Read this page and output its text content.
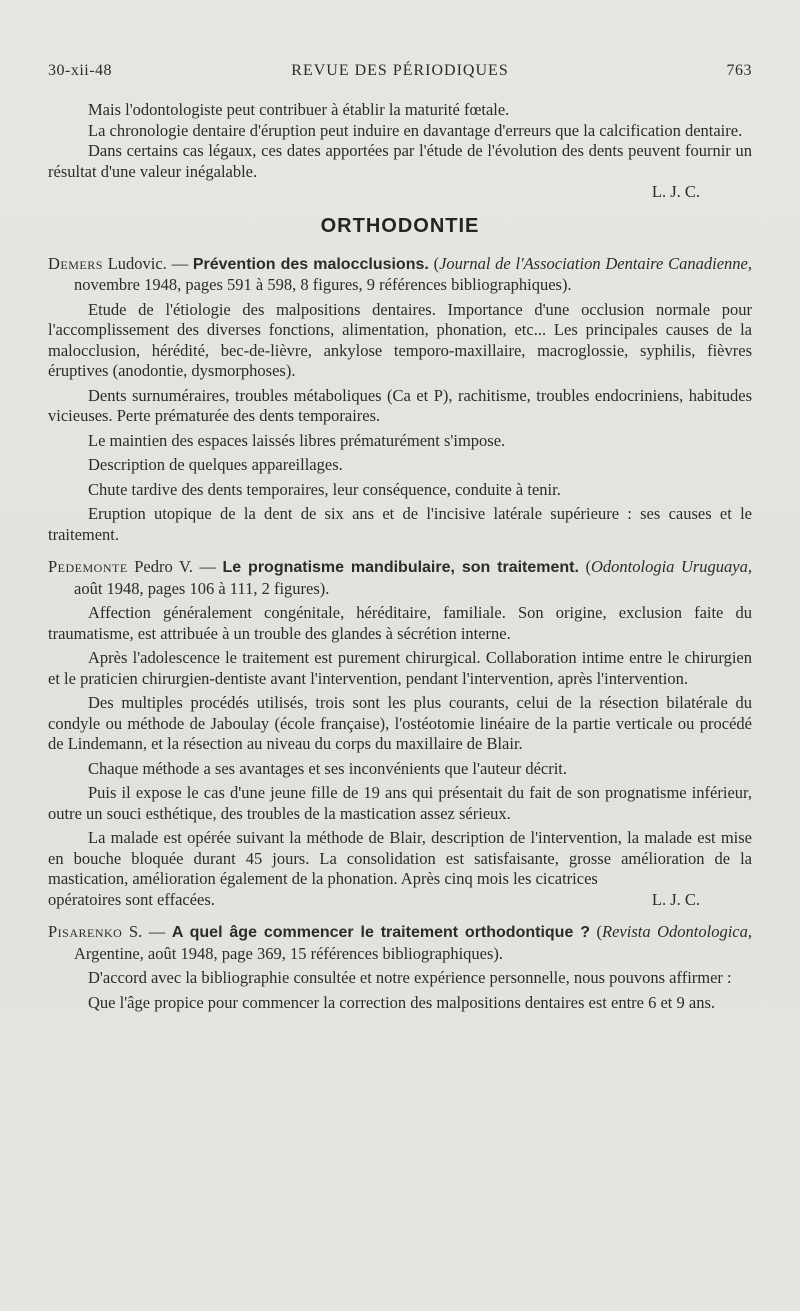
30-xii-48	REVUE DES PÉRIODIQUES	763

Mais l'odontologiste peut contribuer à établir la maturité fœtale.

La chronologie dentaire d'éruption peut induire en davantage d'erreurs que la calcification dentaire.

Dans certains cas légaux, ces dates apportées par l'étude de l'évolution des dents peuvent fournir un résultat d'une valeur inégalable.

L. J. C.

ORTHODONTIE
Demers Ludovic. — Prévention des malocclusions. (Journal de l'Association Dentaire Canadienne, novembre 1948, pages 591 à 598, 8 figures, 9 références bibliographiques).

Etude de l'étiologie des malpositions dentaires. Importance d'une occlusion normale pour l'accomplissement des diverses fonctions, alimentation, phonation, etc... Les principales causes de la malocclusion, hérédité, bec-de-lièvre, ankylose temporo-maxillaire, macroglossie, syphilis, fièvres éruptives (anodontie, dysmorphoses).

Dents surnuméraires, troubles métaboliques (Ca et P), rachitisme, troubles endocriniens, habitudes vicieuses. Perte prématurée des dents temporaires.

Le maintien des espaces laissés libres prématurément s'impose.

Description de quelques appareillages.

Chute tardive des dents temporaires, leur conséquence, conduite à tenir.

Eruption utopique de la dent de six ans et de l'incisive latérale supérieure : ses causes et le traitement.

Pedemonte Pedro V. — Le prognatisme mandibulaire, son traitement. (Odontologia Uruguaya, août 1948, pages 106 à 111, 2 figures).

Affection généralement congénitale, héréditaire, familiale. Son origine, exclusion faite du traumatisme, est attribuée à un trouble des glandes à sécrétion interne.

Après l'adolescence le traitement est purement chirurgical. Collaboration intime entre le chirurgien et le praticien chirurgien-dentiste avant l'intervention, pendant l'intervention, après l'intervention.

Des multiples procédés utilisés, trois sont les plus courants, celui de la résection bilatérale du condyle ou méthode de Jaboulay (école française), l'ostéotomie linéaire de la partie verticale ou procédé de Lindemann, et la résection au niveau du corps du maxillaire de Blair.

Chaque méthode a ses avantages et ses inconvénients que l'auteur décrit.

Puis il expose le cas d'une jeune fille de 19 ans qui présentait du fait de son prognatisme inférieur, outre un souci esthétique, des troubles de la mastication assez sérieux.

La malade est opérée suivant la méthode de Blair, description de l'intervention, la malade est mise en bouche bloquée durant 45 jours. La consolidation est satisfaisante, grosse amélioration de la mastication, amélioration également de la phonation. Après cinq mois les cicatrices

opératoires sont effacées.	L. J. C.

Pisarenko S. — A quel âge commencer le traitement orthodontique ? (Revista Odontologica, Argentine, août 1948, page 369, 15 références bibliographiques).

D'accord avec la bibliographie consultée et notre expérience personnelle, nous pouvons affirmer :

Que l'âge propice pour commencer la correction des malpositions dentaires est entre 6 et 9 ans.
